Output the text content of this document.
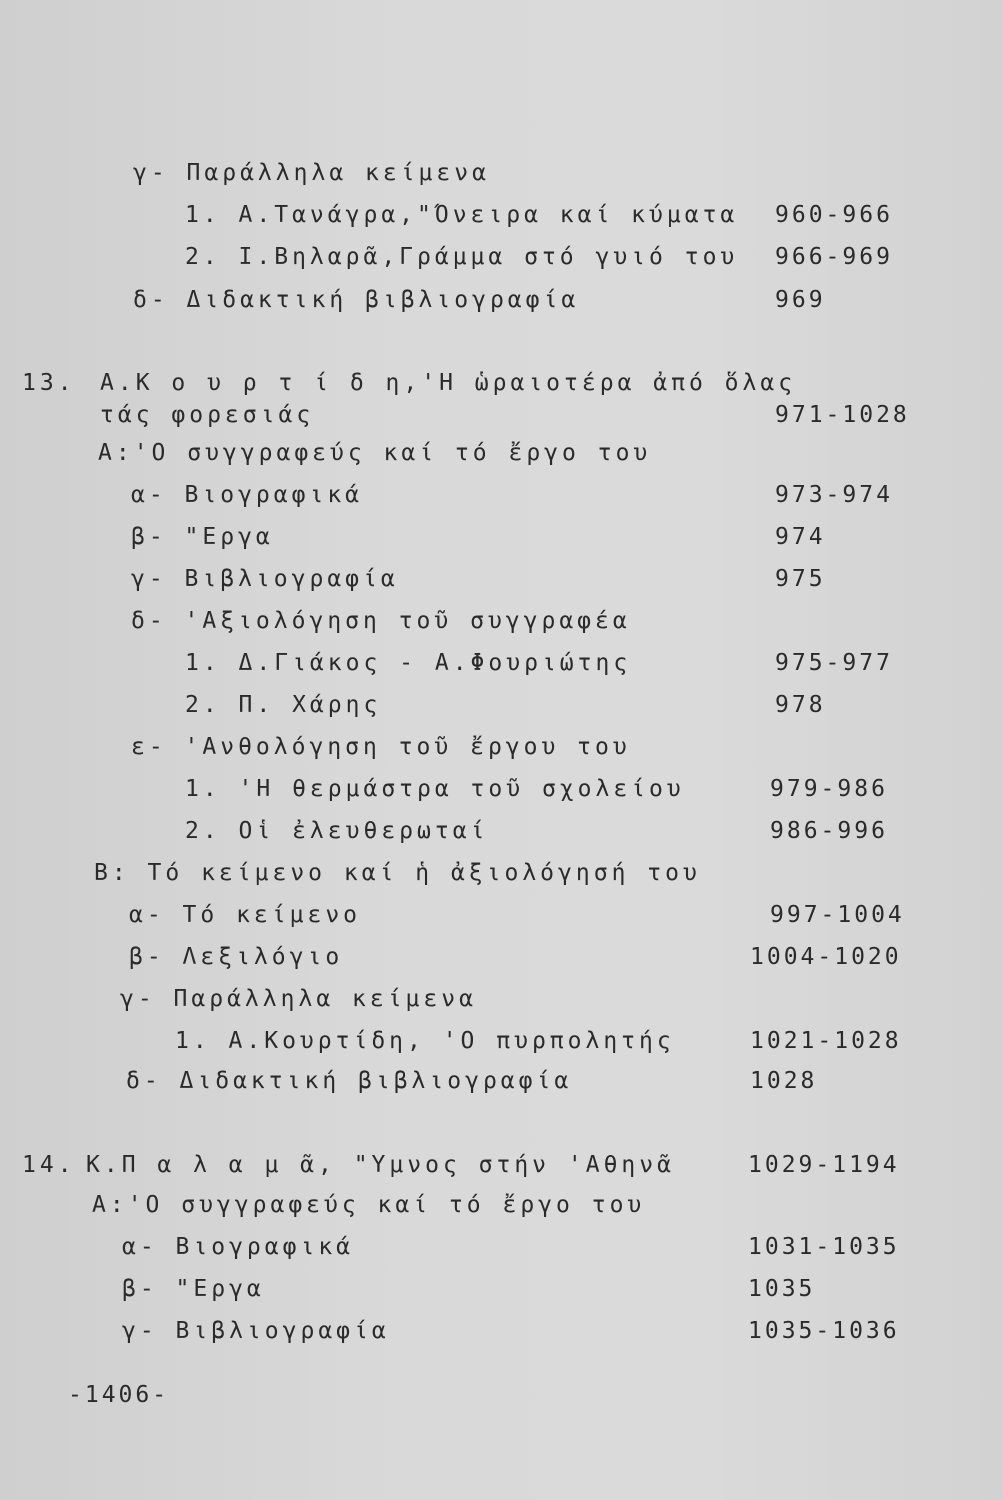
γ- Παράλληλα κείμενα
1. Α.Τανάγρα,"Όνειρα καί κύματα 960-966
2. Ι.Βηλαρᾶ,Γράμμα στό γυιό του 966-969
δ- Διδακτική βιβλιογραφία	969
13. Α.Κ ο υ ρ τ ί δ η,'Η ὡραιοτέρα ἀπό ὅλας
τάς φορεσιάς	971-1028
Α:'Ο συγγραφεύς καί τό ἔργο του
α- Βιογραφικά	973-974
β- "Εργα	974
γ- Βιβλιογραφία	975
δ- 'Αξιολόγηση τοῦ συγγραφέα
1. Δ.Γιάκος - Α.Φουριώτης	975-977
2. Π. Χάρης	978
ε- 'Ανθολόγηση τοῦ ἔργου του
1. 'Η θερμάστρα τοῦ σχολείου	979-986
2. Οἱ ἐλευθερωταί	986-996
Β: Τό κείμενο καί ἡ ἀξιολόγησή του
α- Τό κείμενο	997-1004
β- Λεξιλόγιο	1004-1020
γ- Παράλληλα κείμενα
1. Α.Κουρτίδη, 'Ο πυρπολητής	1021-1028
δ- Διδακτική βιβλιογραφία	1028
14. Κ.Π α λ α μ ᾶ, "Υμνος στήν 'Αθηνᾶ	1029-1194
Α:'Ο συγγραφεύς καί τό ἔργο του
α- Βιογραφικά	1031-1035
β- "Εργα	1035
γ- Βιβλιογραφία	1035-1036
-1406-
